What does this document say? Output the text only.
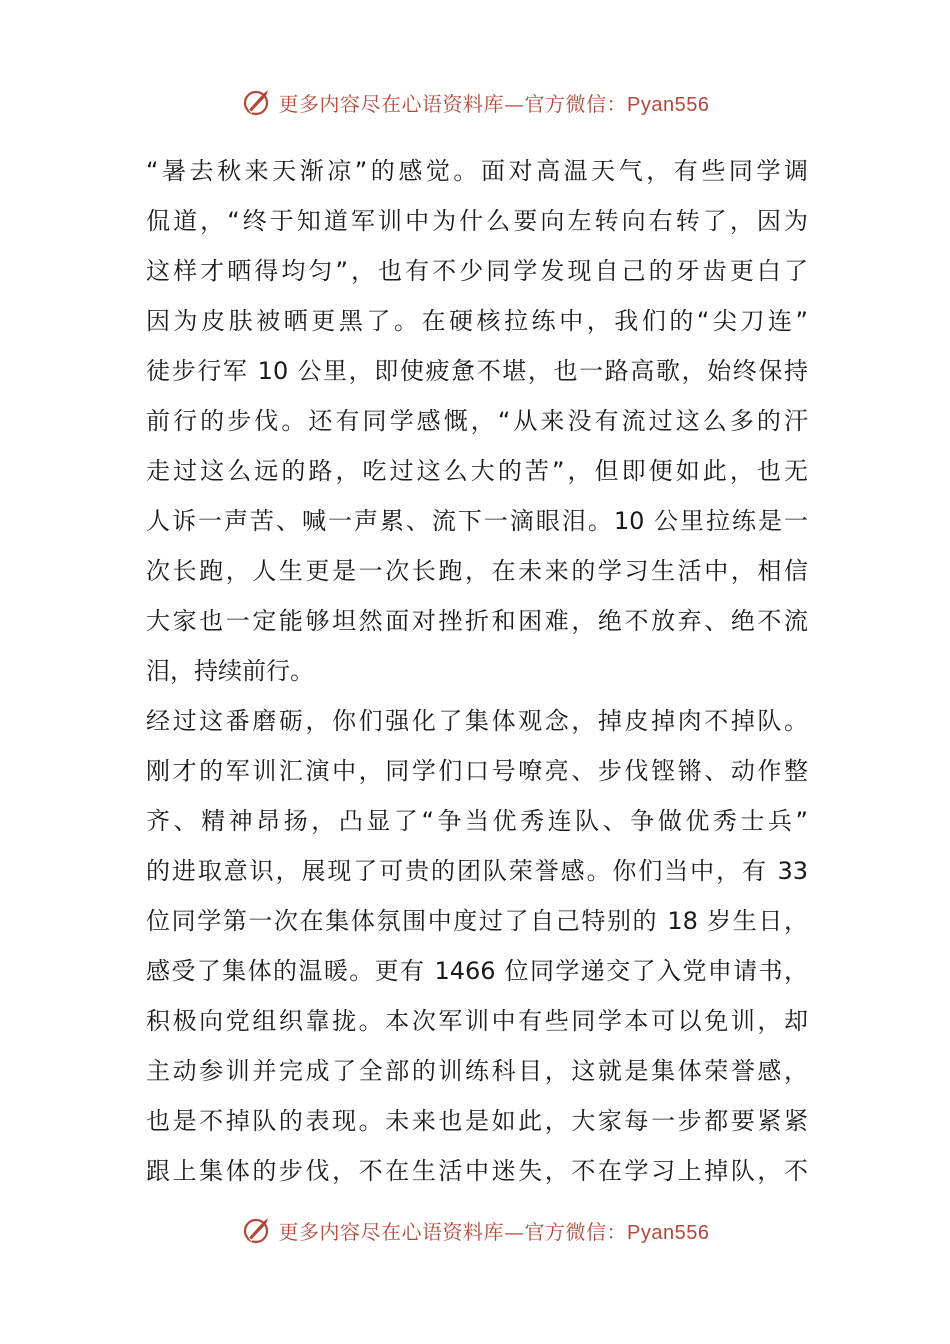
更多内容尽在心语资料库—官方微信：Pyan556
“暑去秋来天渐凉”的感觉。面对高温天气，有些同学调
侃道，“终于知道军训中为什么要向左转向右转了，因为
这样才晒得均匀”，也有不少同学发现自己的牙齿更白了
因为皮肤被晒更黑了。在硬核拉练中，我们的“尖刀连”
徒步行军 10 公里，即使疲惫不堪，也一路高歌，始终保持
前行的步伐。还有同学感慨，“从来没有流过这么多的汗
走过这么远的路，吃过这么大的苦”，但即便如此，也无
人诉一声苦、喊一声累、流下一滴眼泪。10 公里拉练是一
次长跑，人生更是一次长跑，在未来的学习生活中，相信
大家也一定能够坦然面对挫折和困难，绝不放弃、绝不流
泪，持续前行。
经过这番磨砺，你们强化了集体观念，掉皮掉肉不掉队。
刚才的军训汇演中，同学们口号嘹亮、步伐铿锵、动作整
齐、精神昂扬，凸显了“争当优秀连队、争做优秀士兵”
的进取意识，展现了可贵的团队荣誉感。你们当中，有 33
位同学第一次在集体氛围中度过了自己特别的 18 岁生日，
感受了集体的温暖。更有 1466 位同学递交了入党申请书，
积极向党组织靠拢。本次军训中有些同学本可以免训，却
主动参训并完成了全部的训练科目，这就是集体荣誉感，
也是不掉队的表现。未来也是如此，大家每一步都要紧紧
跟上集体的步伐，不在生活中迷失，不在学习上掉队，不
更多内容尽在心语资料库—官方微信：Pyan556
